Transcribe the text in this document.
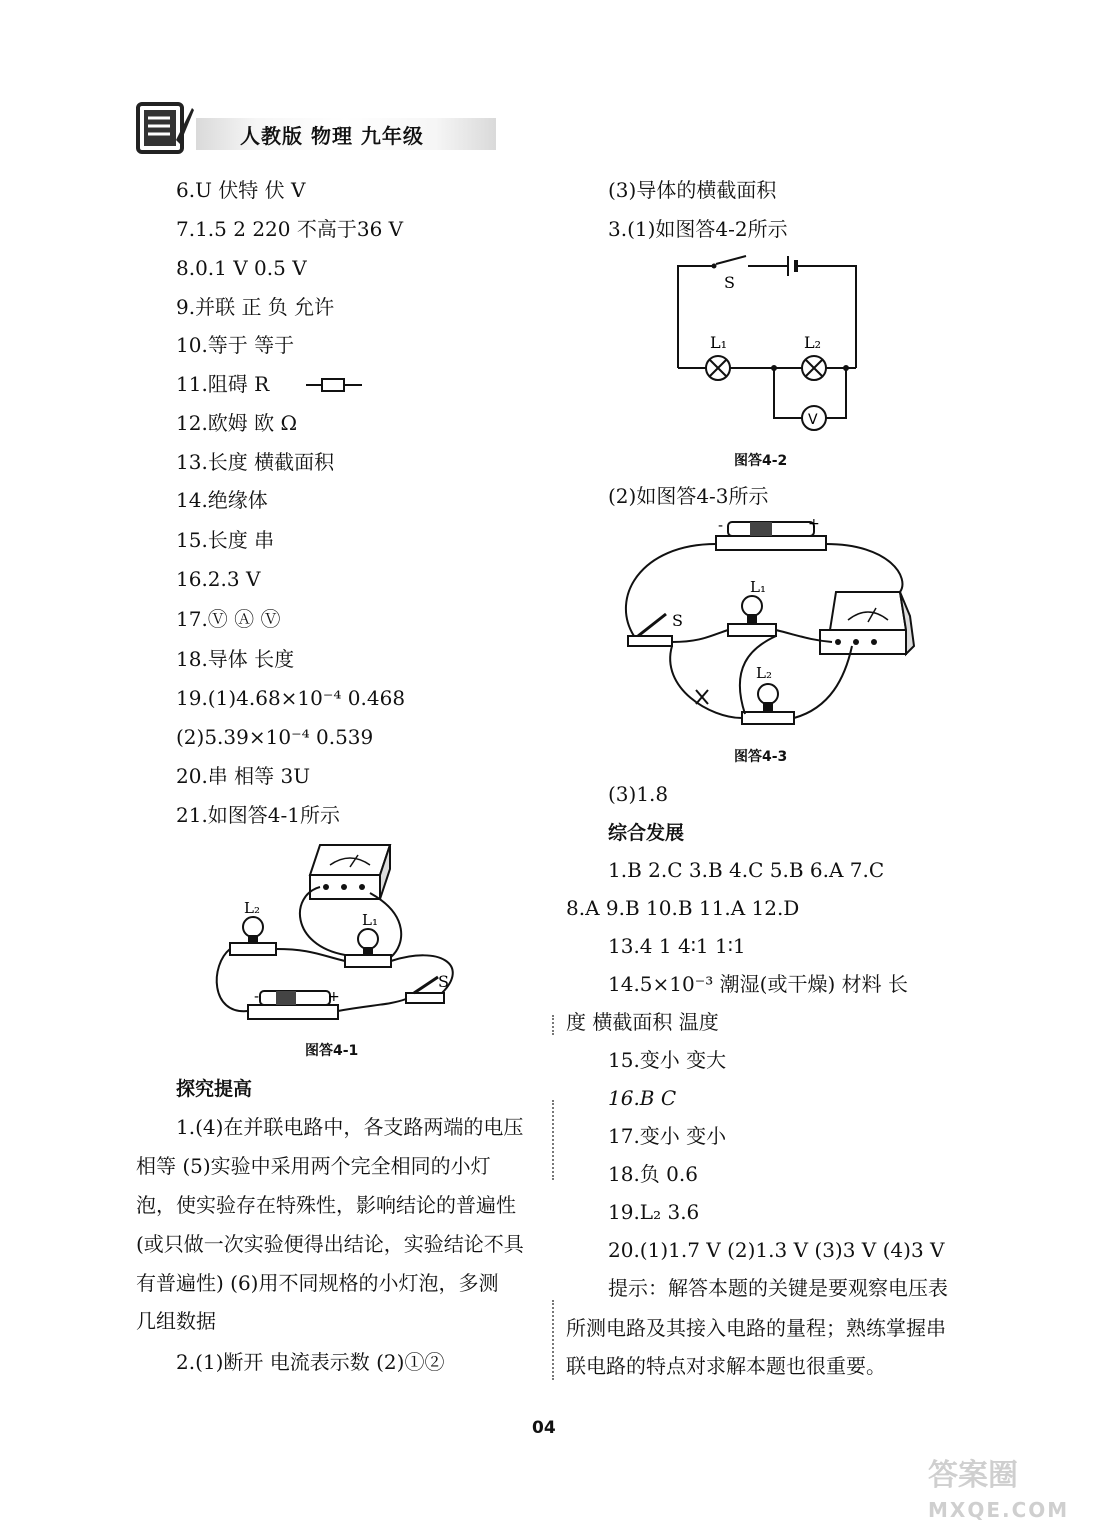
人教版 物理 九年级
6.U 伏特 伏 V
7.1.5 2 220 不高于36 V
8.0.1 V 0.5 V
9.并联 正 负 允许
10.等于 等于
11.阻碍 R
12.欧姆 欧 Ω
13.长度 横截面积
14.绝缘体
15.长度 串
16.2.3 V
17.Ⓥ Ⓐ Ⓥ
18.导体 长度
19.(1)4.68×10⁻⁴ 0.468
(2)5.39×10⁻⁴ 0.539
20.串 相等 3U
21.如图答4-1所示
L₂
L₁
S
-	+
图答4-1
探究提高
1.(4)在并联电路中，各支路两端的电压
相等 (5)实验中采用两个完全相同的小灯
泡，使实验存在特殊性，影响结论的普遍性
(或只做一次实验便得出结论，实验结论不具
有普遍性) (6)用不同规格的小灯泡，多测
几组数据
2.(1)断开 电流表示数 (2)①②
(3)导体的横截面积
3.(1)如图答4-2所示
V
S
L₁	L₂
图答4-2
(2)如图答4-3所示
S
L₁
L₂
-	+
图答4-3
(3)1.8
综合发展
1.B 2.C 3.B 4.C 5.B 6.A 7.C
8.A 9.B 10.B 11.A 12.D
13.4 1 4∶1 1∶1
14.5×10⁻³ 潮湿(或干燥) 材料 长
度 横截面积 温度
15.变小 变大
16.B C
17.变小 变小
18.负 0.6
19.L₂ 3.6
20.(1)1.7 V (2)1.3 V (3)3 V (4)3 V
提示：解答本题的关键是要观察电压表
所测电路及其接入电路的量程；熟练掌握串
联电路的特点对求解本题也很重要。
04
答案圈
MXQE.COM
